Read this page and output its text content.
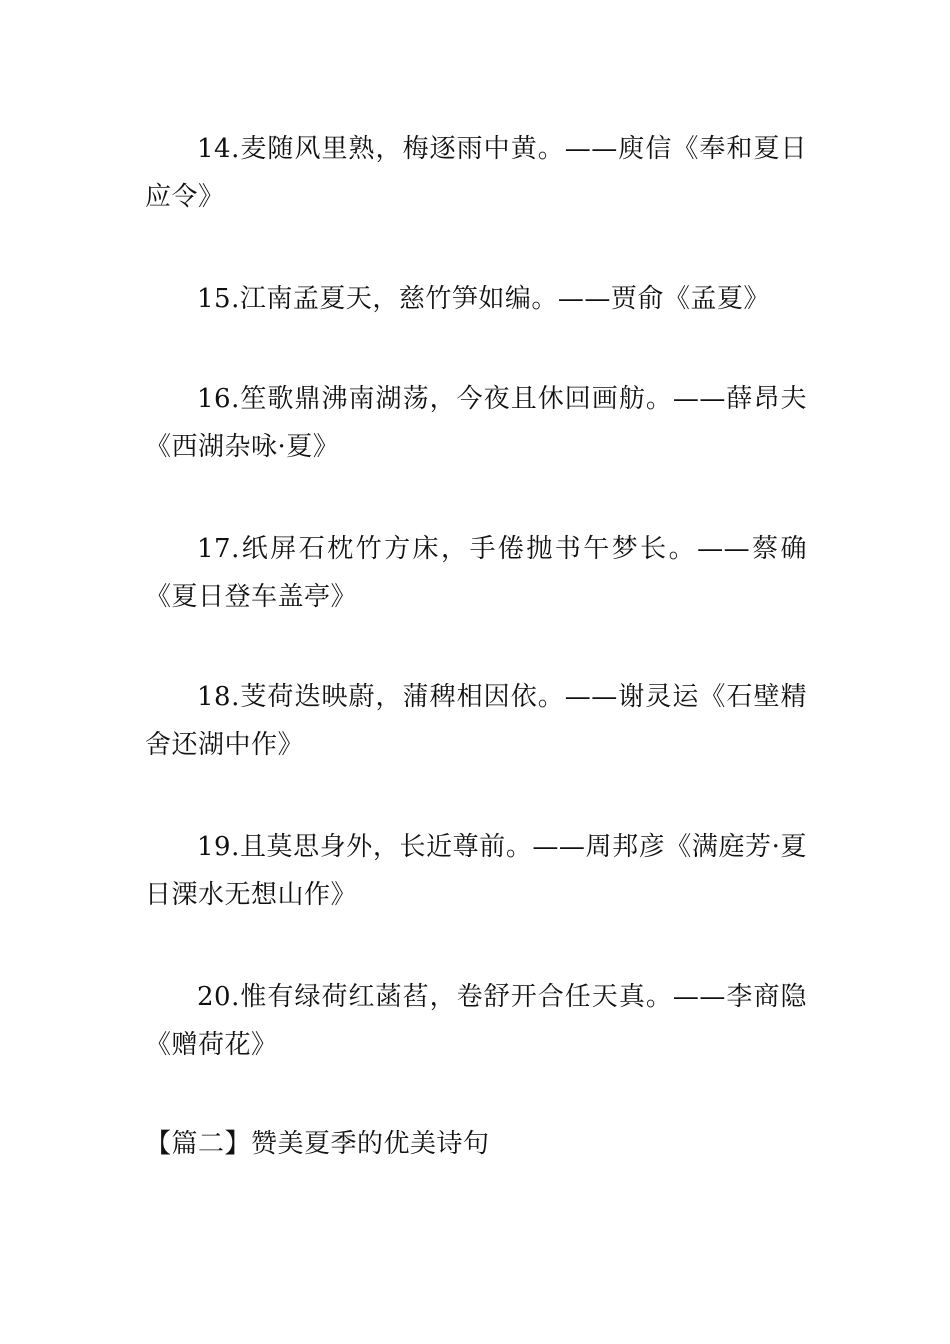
14.麦随风里熟，梅逐雨中黄。——庾信《奉和夏日应令》

15.江南孟夏天，慈竹笋如编。——贾俞《孟夏》

16.笙歌鼎沸南湖荡，今夜且休回画舫。——薛昂夫《西湖杂咏·夏》

17.纸屏石枕竹方床，手倦抛书午梦长。——蔡确《夏日登车盖亭》

18.芰荷迭映蔚，蒲稗相因依。——谢灵运《石壁精舍还湖中作》

19.且莫思身外，长近尊前。——周邦彦《满庭芳·夏日溧水无想山作》

20.惟有绿荷红菡萏，卷舒开合任天真。——李商隐《赠荷花》

【篇二】赞美夏季的优美诗句
